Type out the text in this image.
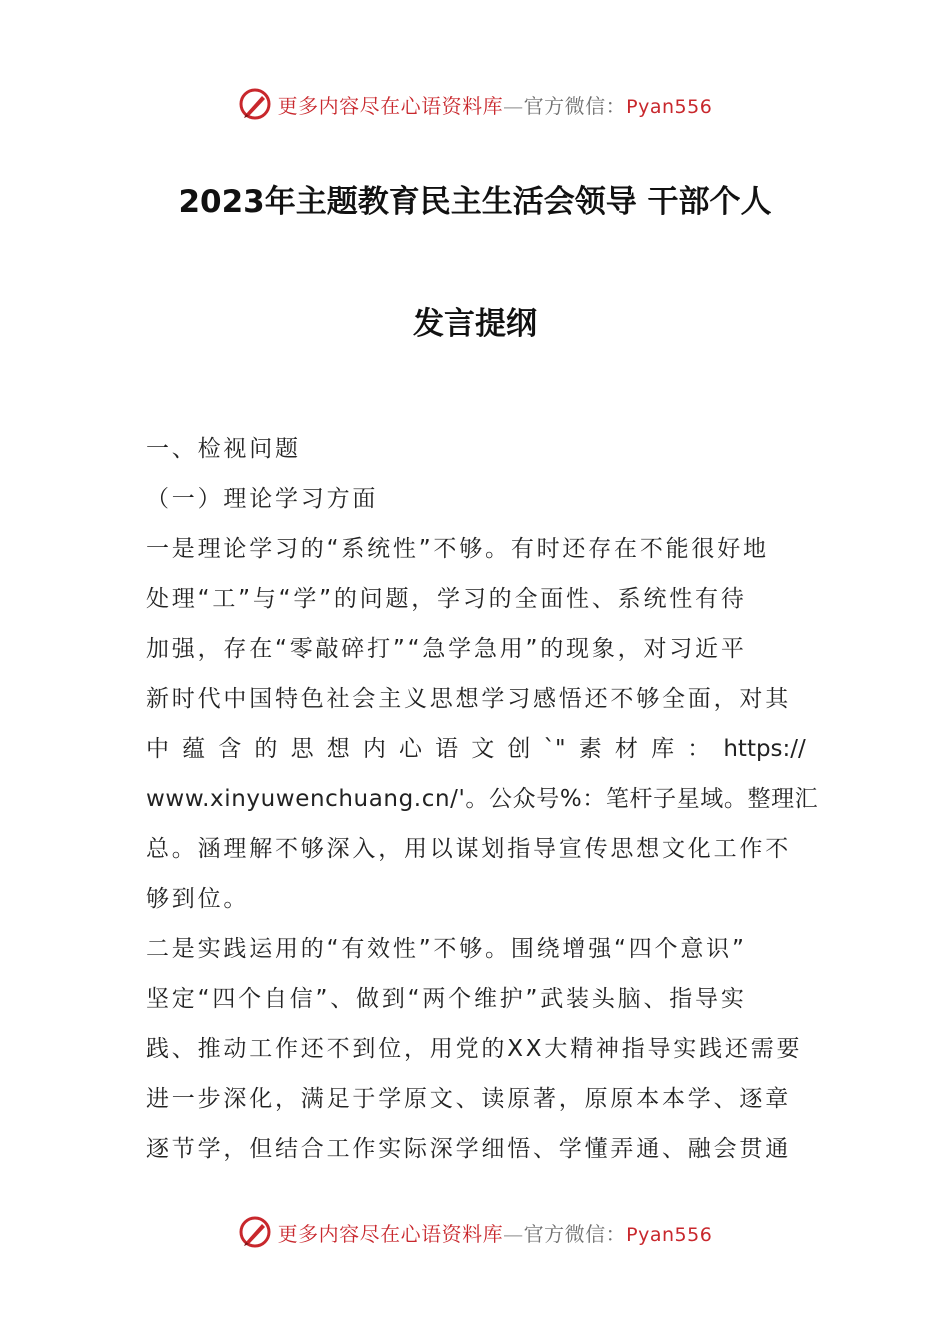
更多内容尽在心语资料库—官方微信：Pyan556
2023年主题教育民主生活会领导 干部个人
发言提纲
一、检视问题
（一）理论学习方面
一是理论学习的“系统性”不够。有时还存在不能很好地
处理“工”与“学”的问题，学习的全面性、系统性有待
加强，存在“零敲碎打”“急学急用”的现象，对习近平
新时代中国特色社会主义思想学习感悟还不够全面，对其
中 蕴 含 的 思 想 内 心 语 文 创 `" 素 材 库 ： https://
www.xinyuwenchuang.cn/'。公众号%：笔杆子星域。整理汇
总。涵理解不够深入，用以谋划指导宣传思想文化工作不
够到位。
二是实践运用的“有效性”不够。围绕增强“四个意识”
坚定“四个自信”、做到“两个维护”武装头脑、指导实
践、推动工作还不到位，用党的XX大精神指导实践还需要
进一步深化，满足于学原文、读原著，原原本本学、逐章
逐节学，但结合工作实际深学细悟、学懂弄通、融会贯通
更多内容尽在心语资料库—官方微信：Pyan556
